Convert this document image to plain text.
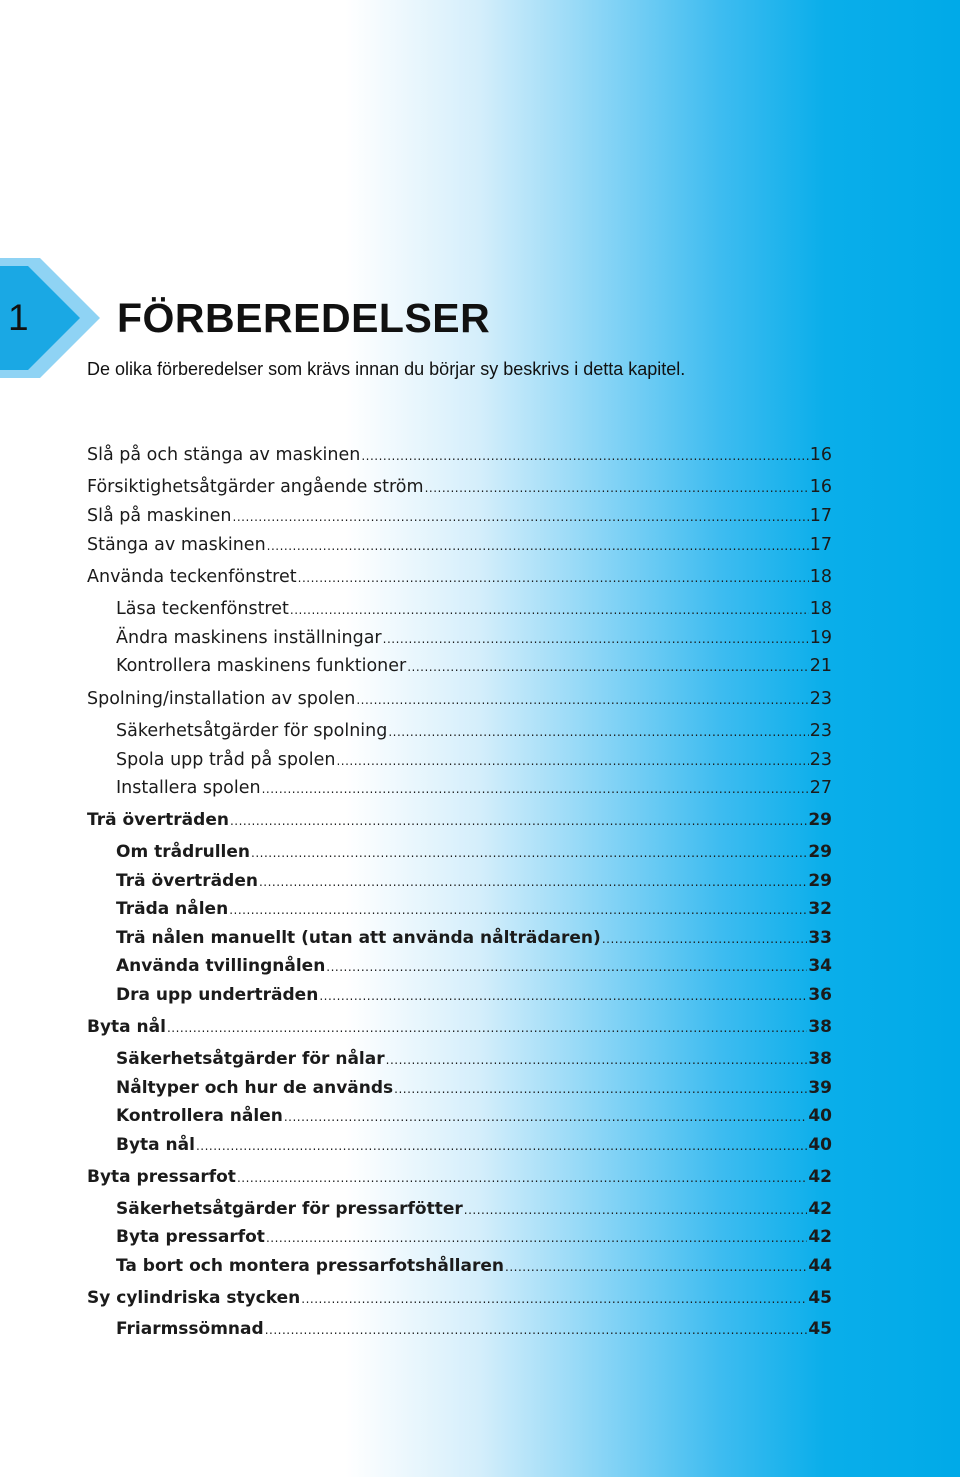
1 FÖRBEREDELSER

De olika förberedelser som krävs innan du börjar sy beskrivs i detta kapitel.

Slå på och stänga av maskinen .....	16
Försiktighetsåtgärder angående ström .....	16
Slå på maskinen .....	17
Stänga av maskinen .....	17
Använda teckenfönstret .....	18
Läsa teckenfönstret .....	18
Ändra maskinens inställningar .....	19
Kontrollera maskinens funktioner .....	21
Spolning/installation av spolen .....	23
Säkerhetsåtgärder för spolning .....	23
Spola upp tråd på spolen .....	23
Installera spolen .....	27
Trä överträden .....	29
Om trådrullen .....	29
Trä överträden .....	29
Träda nålen .....	32
Trä nålen manuellt (utan att använda nålträdaren) .....	33
Använda tvillingnålen .....	34
Dra upp underträden .....	36
Byta nål .....	38
Säkerhetsåtgärder för nålar .....	38
Nåltyper och hur de används .....	39
Kontrollera nålen .....	40
Byta nål .....	40
Byta pressarfot .....	42
Säkerhetsåtgärder för pressarfötter .....	42
Byta pressarfot .....	42
Ta bort och montera pressarfotshållaren .....	44
Sy cylindriska stycken .....	45
Friarmssömnad .....	45
